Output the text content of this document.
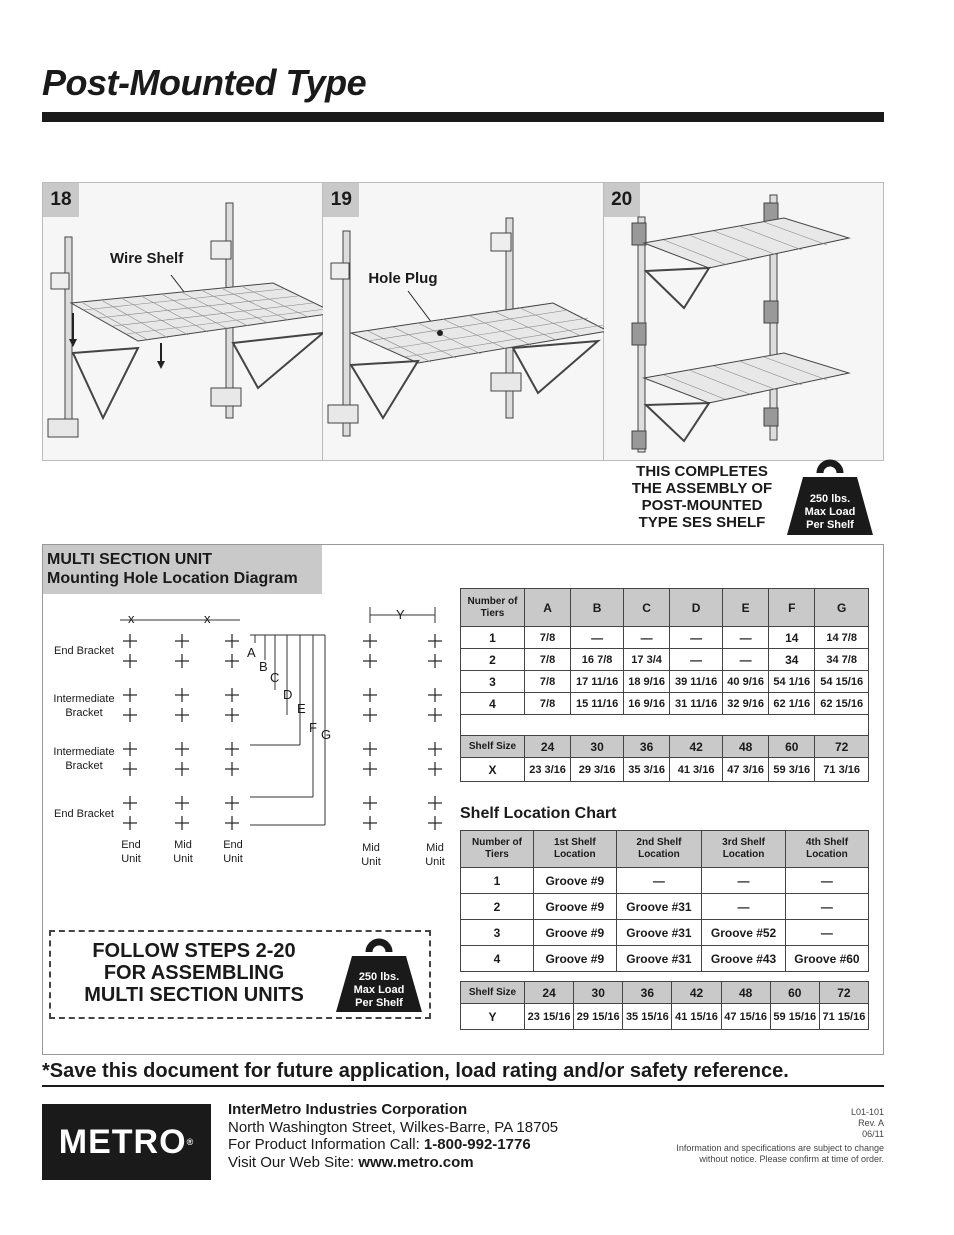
Post-Mounted Type
18
Wire Shelf
19
Hole Plug
20
THIS COMPLETES
THE ASSEMBLY OF
POST-MOUNTED
TYPE SES SHELF
250 lbs.
Max Load
Per Shelf
MULTI SECTION UNIT
Mounting Hole Location Diagram
x	x	Y
A
B
C
D
E
F G
End Bracket
Intermediate
Bracket
Intermediate
Bracket
End Bracket
End
Unit
Mid
Unit
End
Unit
Mid
Unit
Mid
Unit
Number of Tiers	A	B	C	D	E	F	G
1	7/8	—	—	—	—	14	14 7/8
2	7/8	16 7/8	17 3/4	—	—	34	34 7/8
3	7/8	17 11/16	18 9/16	39 11/16	40 9/16	54 1/16	54 15/16
4	7/8	15 11/16	16 9/16	31 11/16	32 9/16	62 1/16	62 15/16

Shelf Size	24	30	36	42	48	60	72
X	23 3/16	29 3/16	35 3/16	41 3/16	47 3/16	59 3/16	71 3/16
Shelf Location Chart
Number of Tiers	1st Shelf Location	2nd Shelf Location	3rd Shelf Location	4th Shelf Location
1	Groove #9	—	—	—
2	Groove #9	Groove #31	—	—
3	Groove #9	Groove #31	Groove #52	—
4	Groove #9	Groove #31	Groove #43	Groove #60
Shelf Size	24	30	36	42	48	60	72
Y	23 15/16	29 15/16	35 15/16	41 15/16	47 15/16	59 15/16	71 15/16
FOLLOW STEPS 2-20
FOR ASSEMBLING
MULTI SECTION UNITS
250 lbs.
Max Load
Per Shelf
*Save this document for future application, load rating and/or safety reference.
METRO ®
InterMetro Industries Corporation
North Washington Street, Wilkes-Barre, PA 18705
For Product Information Call: 1-800-992-1776
Visit Our Web Site: www.metro.com
L01-101
Rev. A
06/11
Information and specifications are subject to change
without notice. Please confirm at time of order.
